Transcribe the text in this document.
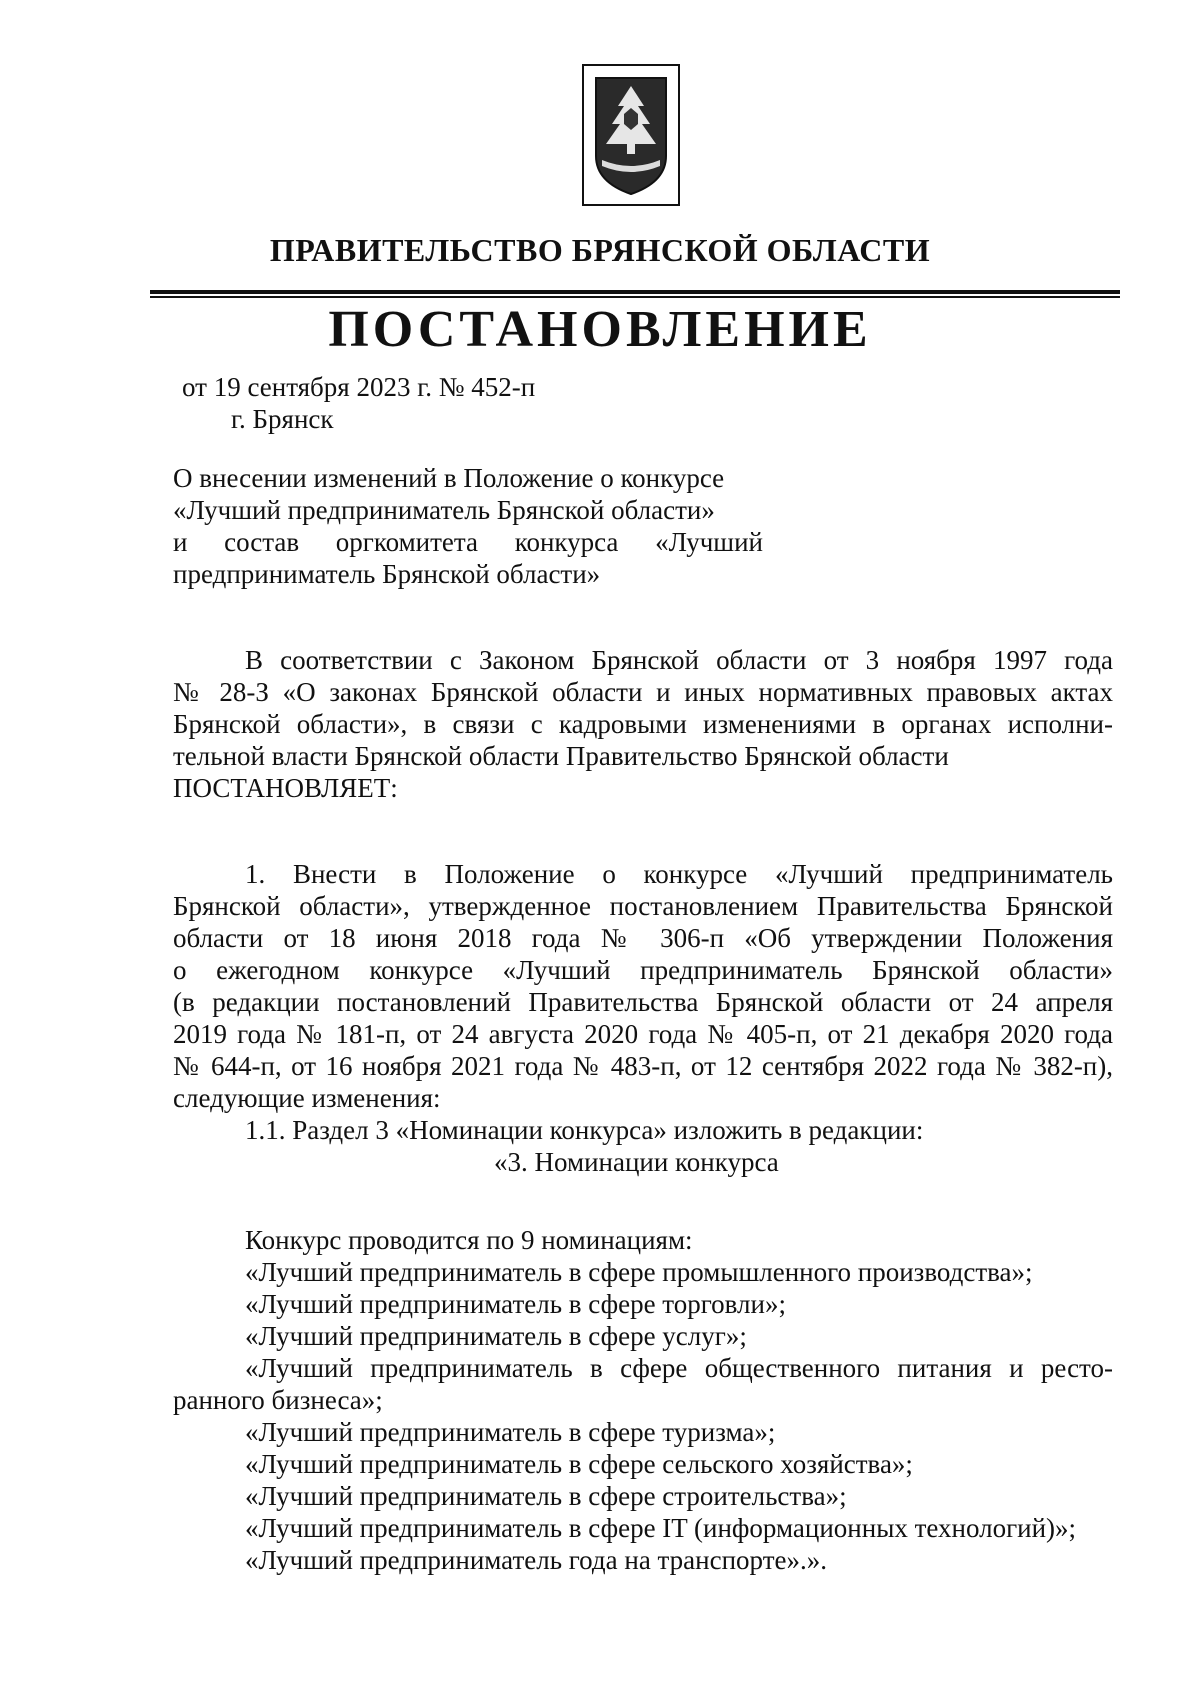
ПРАВИТЕЛЬСТВО БРЯНСКОЙ ОБЛАСТИ
ПОСТАНОВЛЕНИЕ
от 19 сентября 2023 г. № 452-п
г. Брянск
О внесении изменений в Положение о конкурсе
«Лучший предприниматель Брянской области»
и состав оргкомитета конкурса «Лучший
предприниматель Брянской области»
В соответствии с Законом Брянской области от 3 ноября 1997 года
№ 28-З «О законах Брянской области и иных нормативных правовых актах
Брянской области», в связи с кадровыми изменениями в органах исполни-
тельной власти Брянской области Правительство Брянской области
ПОСТАНОВЛЯЕТ:
1. Внести в Положение о конкурсе «Лучший предприниматель
Брянской области», утвержденное постановлением Правительства Брянской
области от 18 июня 2018 года № 306-п «Об утверждении Положения
о ежегодном конкурсе «Лучший предприниматель Брянской области»
(в редакции постановлений Правительства Брянской области от 24 апреля
2019 года № 181-п, от 24 августа 2020 года № 405-п, от 21 декабря 2020 года
№ 644-п, от 16 ноября 2021 года № 483-п, от 12 сентября 2022 года № 382-п),
следующие изменения:
1.1. Раздел 3 «Номинации конкурса» изложить в редакции:
«3. Номинации конкурса
Конкурс проводится по 9 номинациям:
«Лучший предприниматель в сфере промышленного производства»;
«Лучший предприниматель в сфере торговли»;
«Лучший предприниматель в сфере услуг»;
«Лучший предприниматель в сфере общественного питания и ресто-
ранного бизнеса»;
«Лучший предприниматель в сфере туризма»;
«Лучший предприниматель в сфере сельского хозяйства»;
«Лучший предприниматель в сфере строительства»;
«Лучший предприниматель в сфере IT (информационных технологий)»;
«Лучший предприниматель года на транспорте».».
